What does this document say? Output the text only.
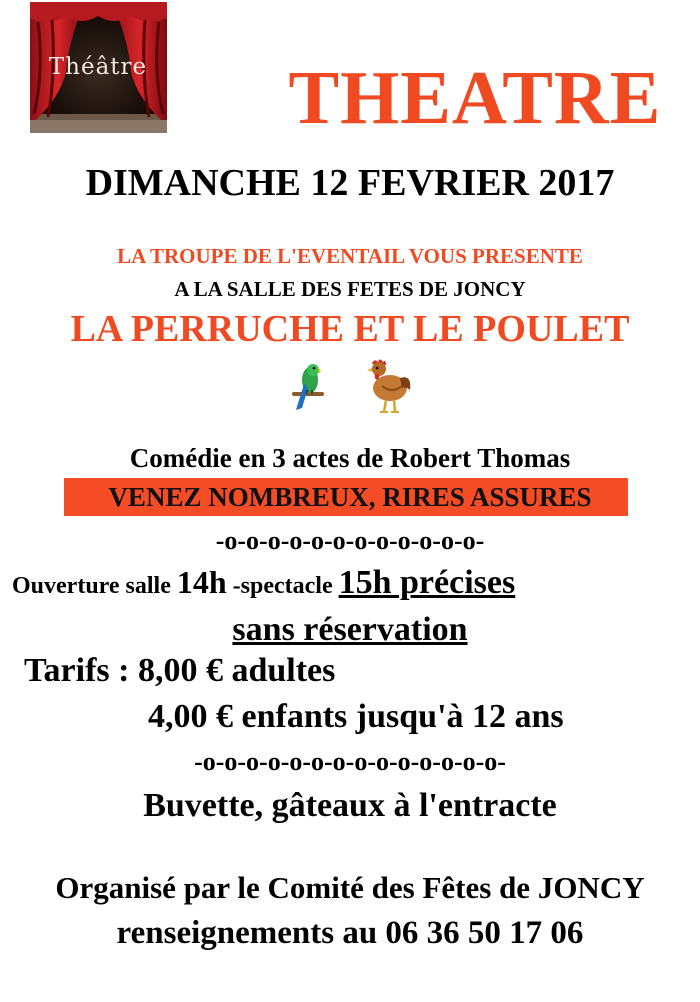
Théâtre	THEATRE
DIMANCHE 12 FEVRIER 2017
LA TROUPE DE L'EVENTAIL VOUS PRESENTE
A LA SALLE DES FETES DE JONCY
LA PERRUCHE ET LE POULET
Comédie en 3 actes de Robert Thomas
VENEZ NOMBREUX, RIRES ASSURES
-o-o-o-o-o-o-o-o-o-o-o-o-
Ouverture salle 14h -spectacle 15h précises
sans réservation
Tarifs : 8,00 € adultes
4,00 € enfants jusqu'à 12 ans
-o-o-o-o-o-o-o-o-o-o-o-o-o-o-
Buvette, gâteaux à l'entracte
Organisé par le Comité des Fêtes de JONCY
renseignements au 06 36 50 17 06
